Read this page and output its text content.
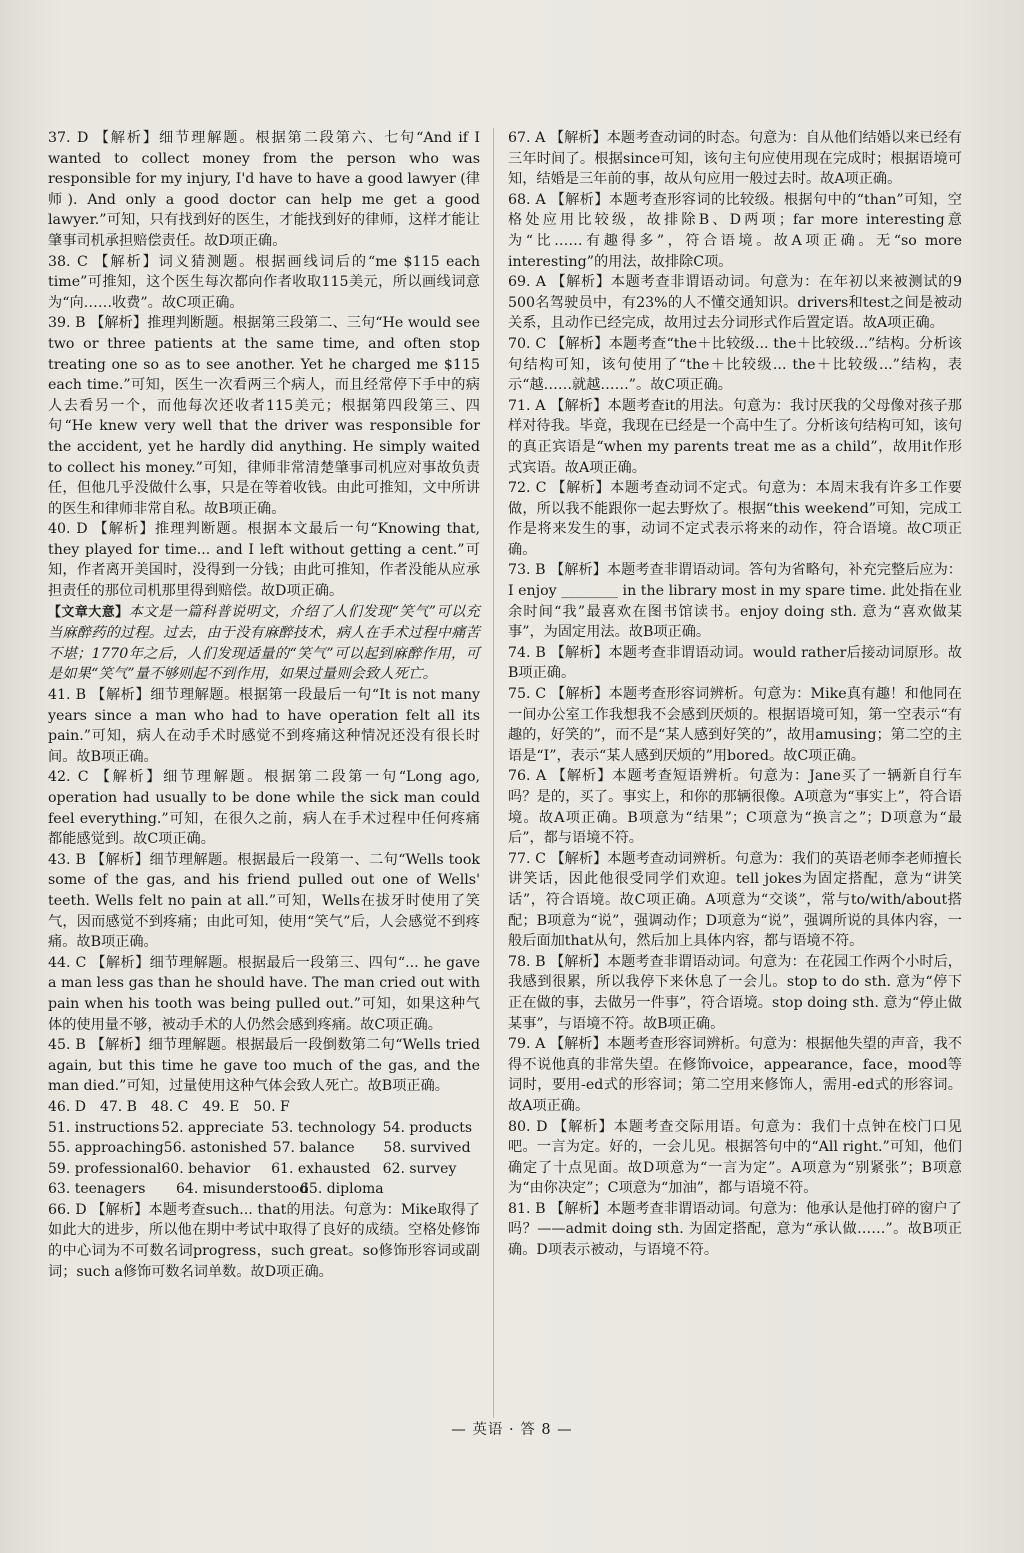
37. D 【解析】细节理解题。根据第二段第六、七句“And if I wanted to collect money from the person who was responsible for my injury, I'd have to have a good lawyer (律师). And only a good doctor can help me get a good lawyer.”可知，只有找到好的医生，才能找到好的律师，这样才能让肇事司机承担赔偿责任。故D项正确。
38. C 【解析】词义猜测题。根据画线词后的“me $115 each time”可推知，这个医生每次都向作者收取115美元，所以画线词意为“向……收费”。故C项正确。
39. B 【解析】推理判断题。根据第三段第二、三句“He would see two or three patients at the same time, and often stop treating one so as to see another. Yet he charged me $115 each time.”可知，医生一次看两三个病人，而且经常停下手中的病人去看另一个，而他每次还收者115美元；根据第四段第三、四句“He knew very well that the driver was responsible for the accident, yet he hardly did anything. He simply waited to collect his money.”可知，律师非常清楚肇事司机应对事故负责任，但他几乎没做什么事，只是在等着收钱。由此可推知，文中所讲的医生和律师非常自私。故B项正确。
40. D 【解析】推理判断题。根据本文最后一句“Knowing that, they played for time... and I left without getting a cent.”可知，作者离开美国时，没得到一分钱；由此可推知，作者没能从应承担责任的那位司机那里得到赔偿。故D项正确。
【文章大意】本文是一篇科普说明文，介绍了人们发现“笑气”可以充当麻醉药的过程。过去，由于没有麻醉技术，病人在手术过程中痛苦不堪；1770年之后，人们发现适量的“笑气”可以起到麻醉作用，可是如果“笑气”量不够则起不到作用，如果过量则会致人死亡。
41. B 【解析】细节理解题。根据第一段最后一句“It is not many years since a man who had to have operation felt all its pain.”可知，病人在动手术时感觉不到疼痛这种情况还没有很长时间。故B项正确。
42. C 【解析】细节理解题。根据第二段第一句“Long ago, operation had usually to be done while the sick man could feel everything.”可知，在很久之前，病人在手术过程中任何疼痛都能感觉到。故C项正确。
43. B 【解析】细节理解题。根据最后一段第一、二句“Wells took some of the gas, and his friend pulled out one of Wells' teeth. Wells felt no pain at all.”可知，Wells在拔牙时使用了笑气，因而感觉不到疼痛；由此可知，使用“笑气”后，人会感觉不到疼痛。故B项正确。
44. C 【解析】细节理解题。根据最后一段第三、四句“... he gave a man less gas than he should have. The man cried out with pain when his tooth was being pulled out.”可知，如果这种气体的使用量不够，被动手术的人仍然会感到疼痛。故C项正确。
45. B 【解析】细节理解题。根据最后一段倒数第二句“Wells tried again, but this time he gave too much of the gas, and the man died.”可知，过量使用这种气体会致人死亡。故B项正确。
46. D 47. B 48. C 49. E 50. F
51. instructions 52. appreciate 53. technology 54. products
55. approaching 56. astonished 57. balance	58. survived
59. professional 60. behavior	61. exhausted 62. survey
63. teenagers	64. misunderstood
65. diploma
66. D 【解析】本题考查such... that的用法。句意为：Mike取得了如此大的进步，所以他在期中考试中取得了良好的成绩。空格处修饰的中心词为不可数名词progress，such great。so修饰形容词或副词；such a修饰可数名词单数。故D项正确。
67. A 【解析】本题考查动词的时态。句意为：自从他们结婚以来已经有三年时间了。根据since可知，该句主句应使用现在完成时；根据语境可知，结婚是三年前的事，故从句应用一般过去时。故A项正确。
68. A 【解析】本题考查形容词的比较级。根据句中的“than”可知，空格处应用比较级，故排除B、D两项；far more interesting意为“比……有趣得多”，符合语境。故A项正确。无“so more interesting”的用法，故排除C项。
69. A 【解析】本题考查非谓语动词。句意为：在年初以来被测试的9 500名驾驶员中，有23%的人不懂交通知识。drivers和test之间是被动关系，且动作已经完成，故用过去分词形式作后置定语。故A项正确。
70. C 【解析】本题考查“the＋比较级... the＋比较级...”结构。分析该句结构可知，该句使用了“the＋比较级... the＋比较级...”结构，表示“越……就越……”。故C项正确。
71. A 【解析】本题考查it的用法。句意为：我讨厌我的父母像对孩子那样对待我。毕竟，我现在已经是一个高中生了。分析该句结构可知，该句的真正宾语是“when my parents treat me as a child”，故用it作形式宾语。故A项正确。
72. C 【解析】本题考查动词不定式。句意为：本周末我有许多工作要做，所以我不能跟你一起去野炊了。根据“this weekend”可知，完成工作是将来发生的事，动词不定式表示将来的动作，符合语境。故C项正确。
73. B 【解析】本题考查非谓语动词。答句为省略句，补充完整后应为：I enjoy ________ in the library most in my spare time. 此处指在业余时间“我”最喜欢在图书馆读书。enjoy doing sth. 意为“喜欢做某事”，为固定用法。故B项正确。
74. B 【解析】本题考查非谓语动词。would rather后接动词原形。故B项正确。
75. C 【解析】本题考查形容词辨析。句意为：Mike真有趣！和他同在一间办公室工作我想我不会感到厌烦的。根据语境可知，第一空表示“有趣的，好笑的”，而不是“某人感到好笑的”，故用amusing；第二空的主语是“I”，表示“某人感到厌烦的”用bored。故C项正确。
76. A 【解析】本题考查短语辨析。句意为：Jane买了一辆新自行车吗？是的，买了。事实上，和你的那辆很像。A项意为“事实上”，符合语境。故A项正确。B项意为“结果”；C项意为“换言之”；D项意为“最后”，都与语境不符。
77. C 【解析】本题考查动词辨析。句意为：我们的英语老师李老师擅长讲笑话，因此他很受同学们欢迎。tell jokes为固定搭配，意为“讲笑话”，符合语境。故C项正确。A项意为“交谈”，常与to/with/about搭配；B项意为“说”，强调动作；D项意为“说”，强调所说的具体内容，一般后面加that从句，然后加上具体内容，都与语境不符。
78. B 【解析】本题考查非谓语动词。句意为：在花园工作两个小时后，我感到很累，所以我停下来休息了一会儿。stop to do sth. 意为“停下正在做的事，去做另一件事”，符合语境。stop doing sth. 意为“停止做某事”，与语境不符。故B项正确。
79. A 【解析】本题考查形容词辨析。句意为：根据他失望的声音，我不得不说他真的非常失望。在修饰voice，appearance，face，mood等词时，要用-ed式的形容词；第二空用来修饰人，需用-ed式的形容词。故A项正确。
80. D 【解析】本题考查交际用语。句意为：我们十点钟在校门口见吧。一言为定。好的，一会儿见。根据答句中的“All right.”可知，他们确定了十点见面。故D项意为“一言为定”。A项意为“别紧张”；B项意为“由你决定”；C项意为“加油”，都与语境不符。
81. B 【解析】本题考查非谓语动词。句意为：他承认是他打碎的窗户了吗？——admit doing sth. 为固定搭配，意为“承认做……”。故B项正确。D项表示被动，与语境不符。
— 英语 · 答 8 —
